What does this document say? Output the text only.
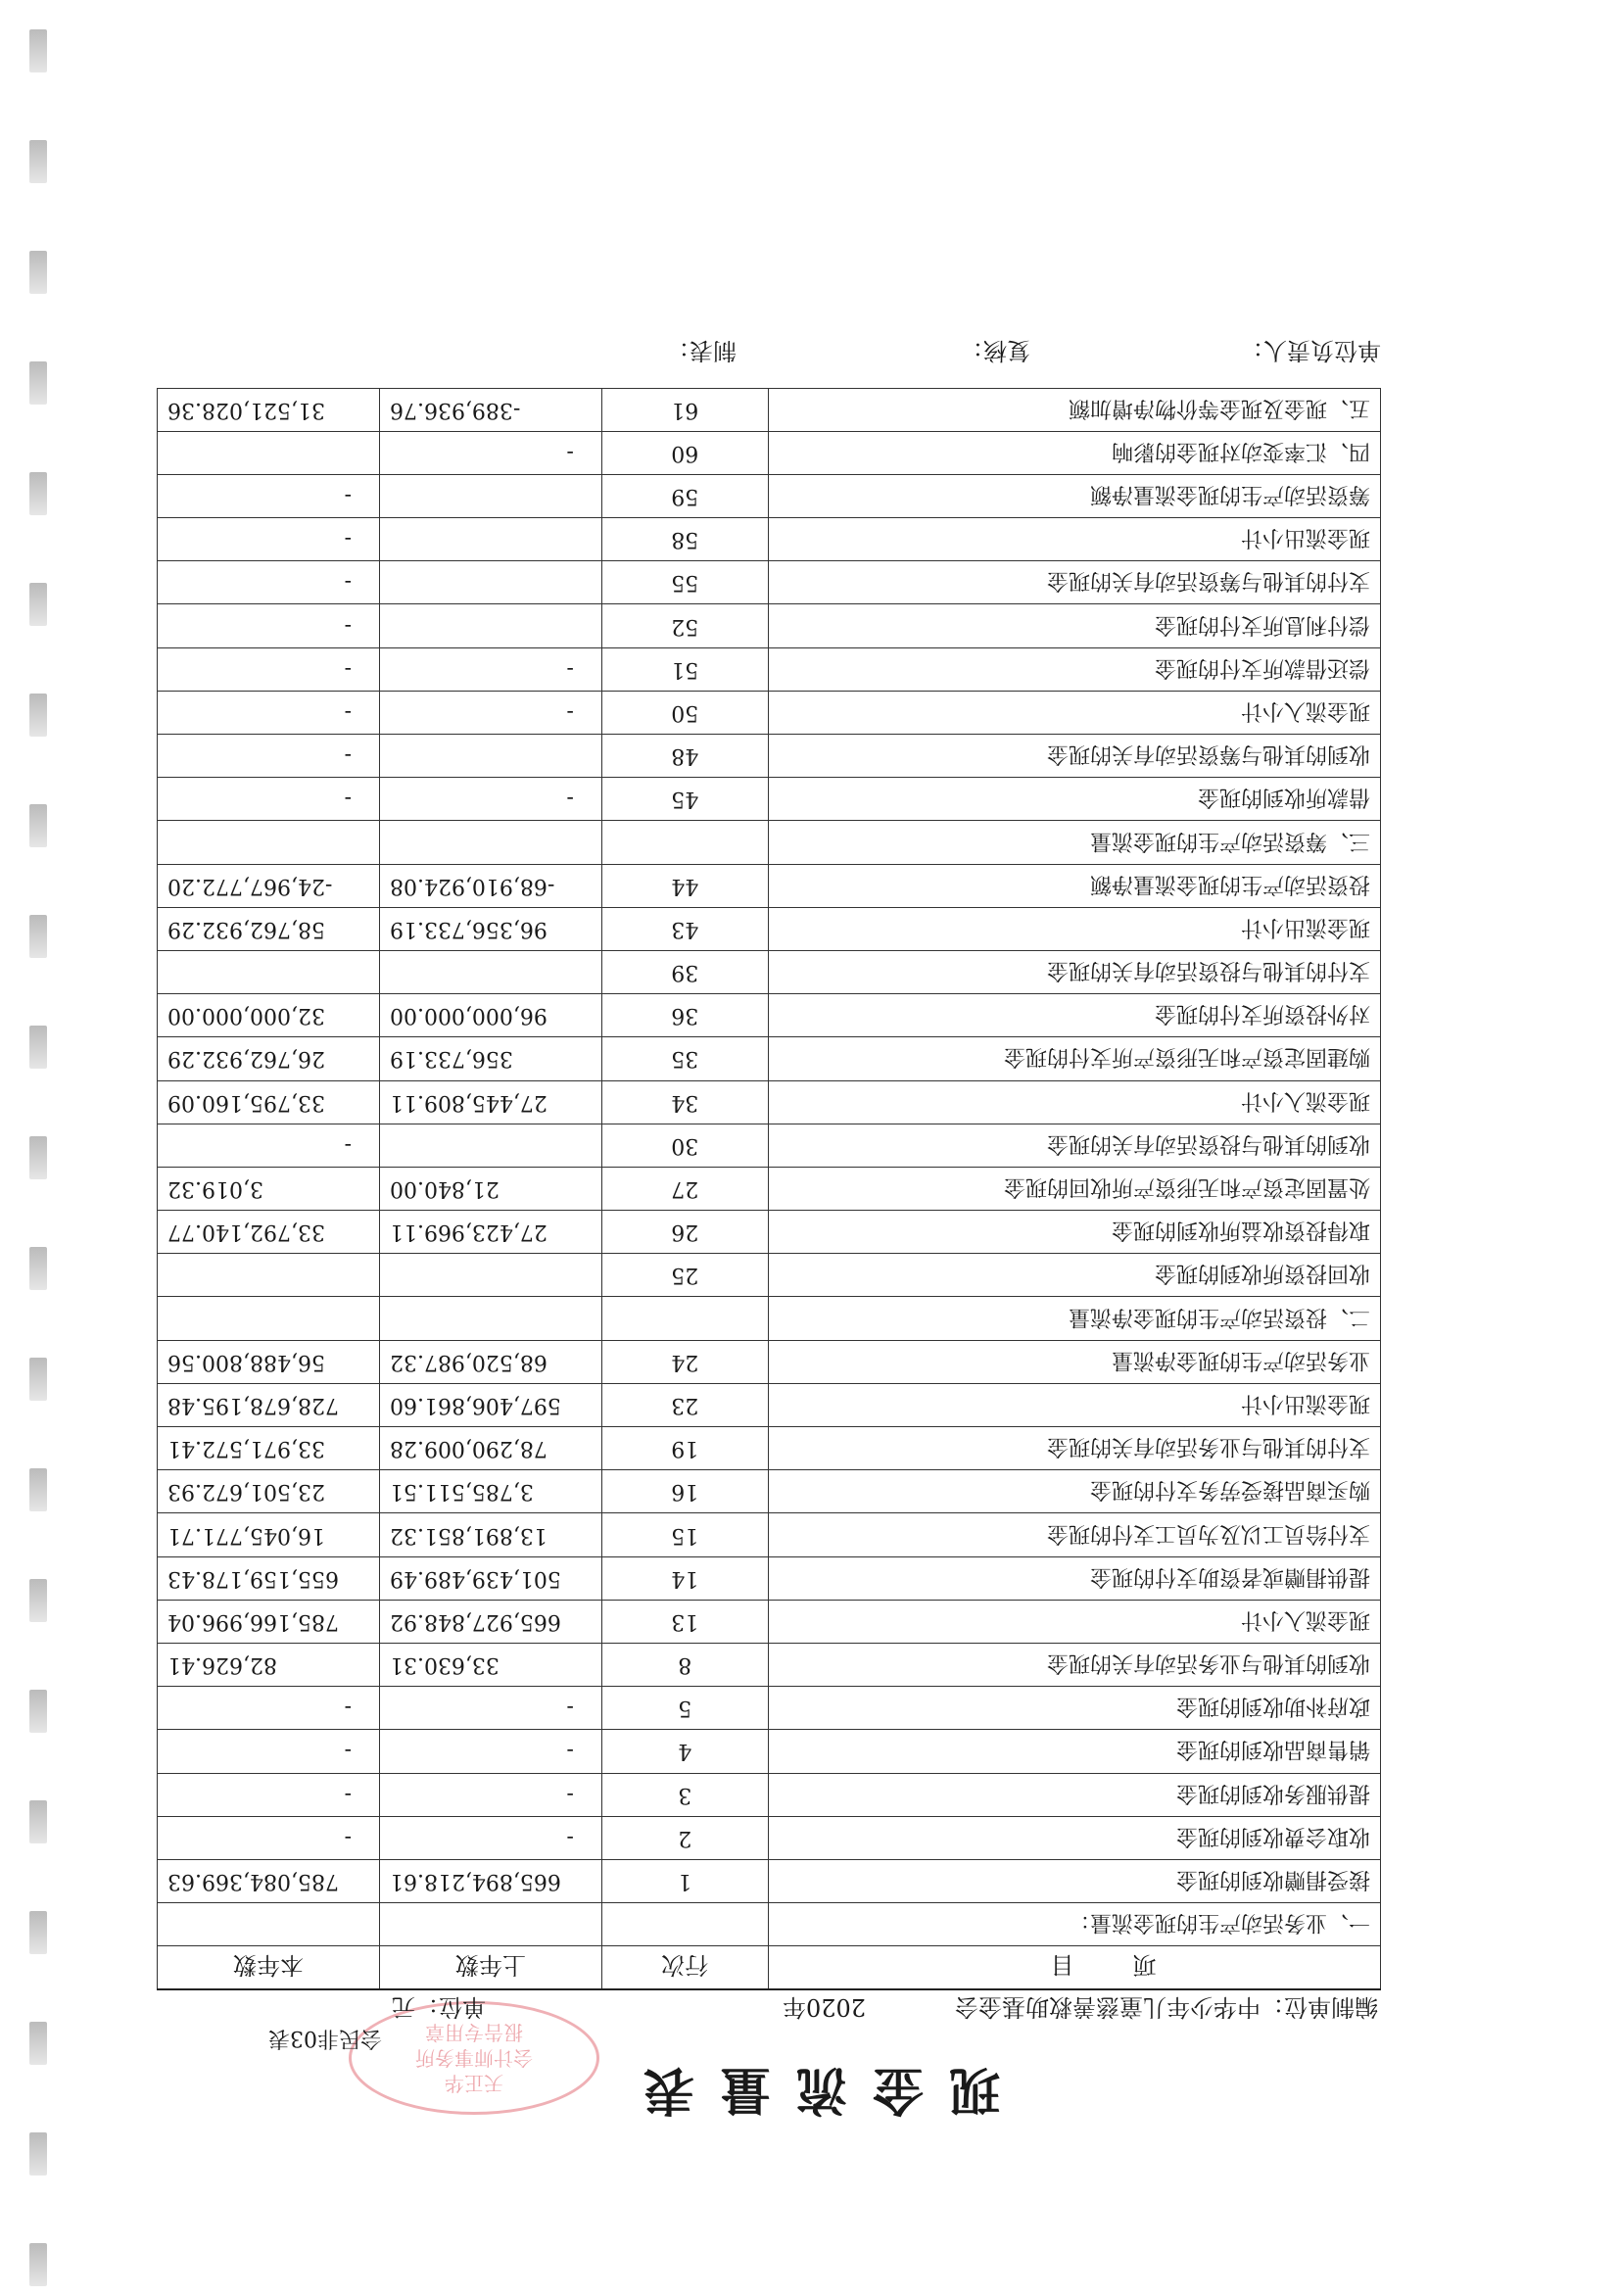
现金流量表
天正华
会计师事务所
报告专用章
会民非03表
编制单位：中华少年儿童慈善救助基金会
2020年
单位：元
项目	行次	上年数	本年数
一、业务活动产生的现金流量：			
接受捐赠收到的现金	1	665,894,218.61	785,084,369.63
收取会费收到的现金	2	-	-
提供服务收到的现金	3	-	-
销售商品收到的现金	4	-	-
政府补助收到的现金	5	-	-
收到的其他与业务活动有关的现金	8	33,630.31	82,626.41
现金流入小计	13	665,927,848.92	785,166,996.04
提供捐赠或者资助支付的现金	14	501,439,489.49	655,159,178.43
支付给员工以及为员工支付的现金	15	13,891,851.32	16,045,771.71
购买商品接受劳务支付的现金	16	3,785,511.51	23,501,672.93
支付的其他与业务活动有关的现金	19	78,290,009.28	33,971,572.41
现金流出小计	23	597,406,861.60	728,678,195.48
业务活动产生的现金净流量	24	68,520,987.32	56,488,800.56
二、投资活动产生的现金净流量			
收回投资所收到的现金	25		
取得投资收益所收到的现金	26	27,423,969.11	33,792,140.77
处置固定资产和无形资产所收回的现金	27	21,840.00	3,019.32
收到的其他与投资活动有关的现金	30		-
现金流入小计	34	27,445,809.11	33,795,160.09
购建固定资产和无形资产所支付的现金	35	356,733.19	26,762,932.29
对外投资所支付的现金	36	96,000,000.00	32,000,000.00
支付的其他与投资活动有关的现金	39		
现金流出小计	43	96,356,733.19	58,762,932.29
投资活动产生的现金流量净额	44	-68,910,924.08	-24,967,772.20
三、筹资活动产生的现金流量			
借款所收到的现金	45	-	-
收到的其他与筹资活动有关的现金	48		-
现金流入小计	50	-	-
偿还借款所支付的现金	51	-	-
偿付利息所支付的现金	52		-
支付的其他与筹资活动有关的现金	55		-
现金流出小计	58		-
筹资活动产生的现金流量净额	59		-
四、汇率变动对现金的影响	60	-	
五、现金及现金等价物净增加额	61	-389,936.76	31,521,028.36
单位负责人：
复核：
制表：
